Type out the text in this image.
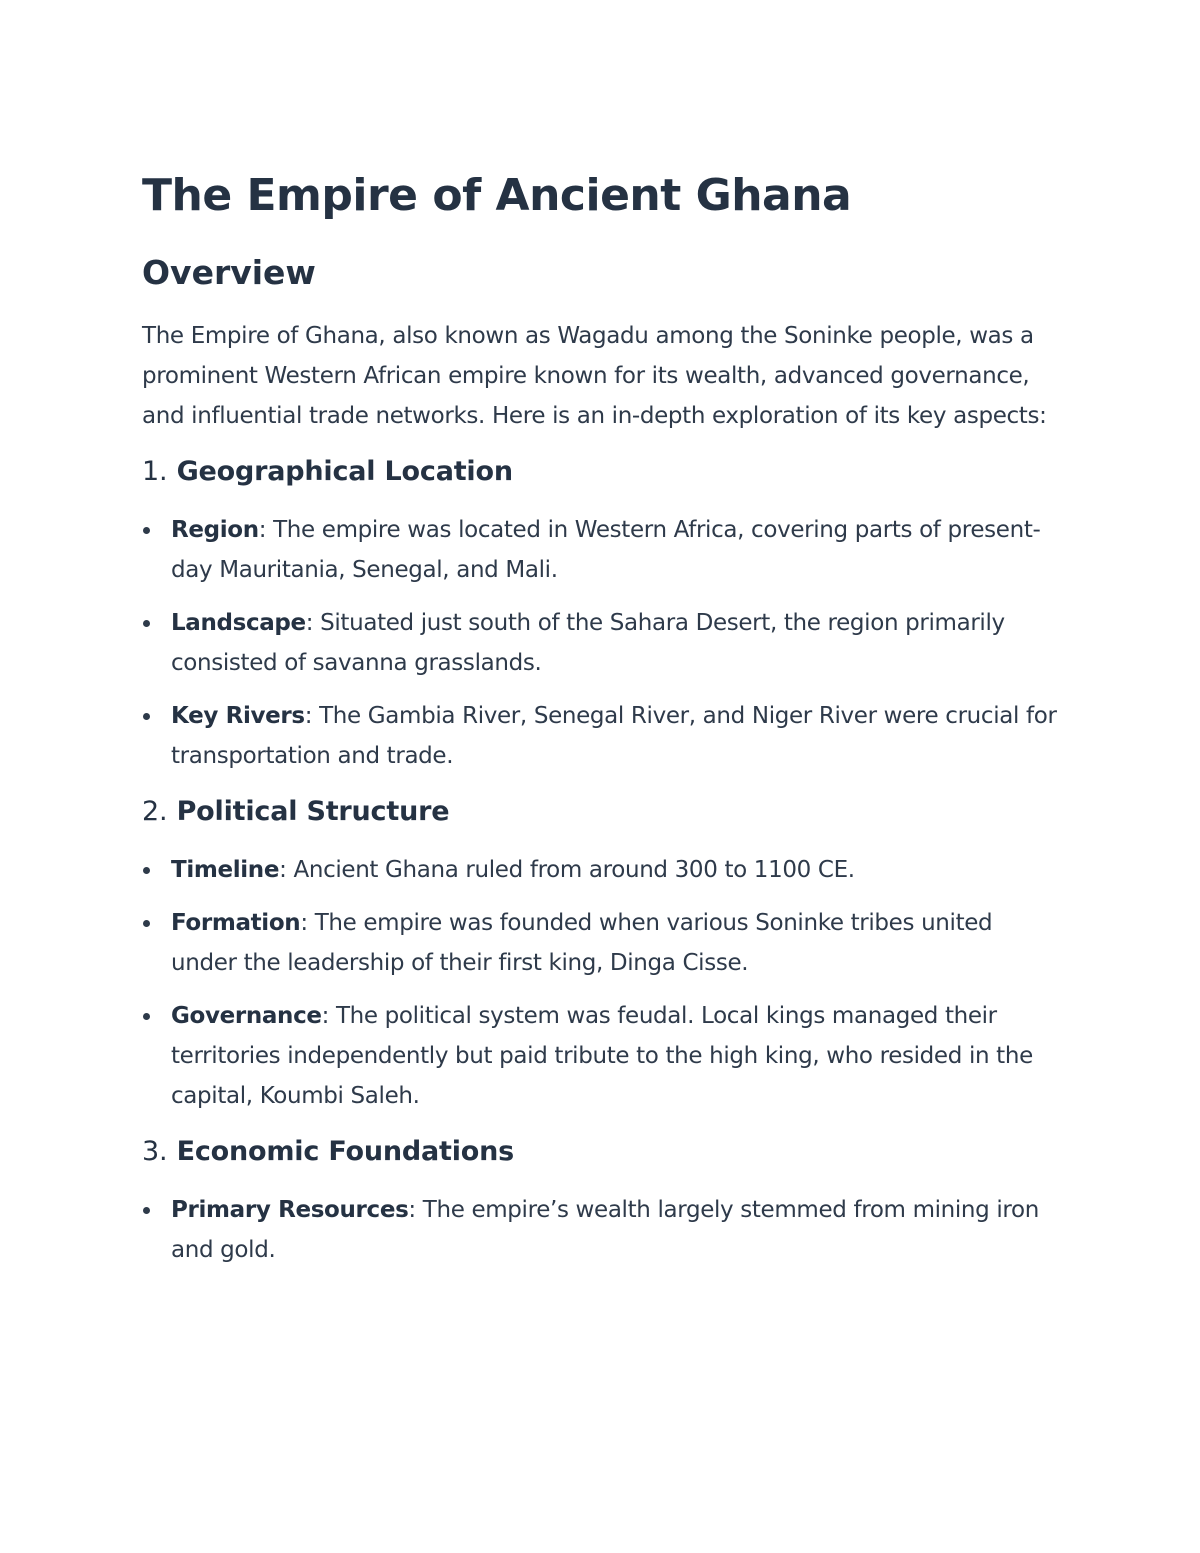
The Empire of Ancient Ghana
Overview

The Empire of Ghana, also known as Wagadu among the Soninke people, was a prominent Western African empire known for its wealth, advanced governance, and influential trade networks. Here is an in-depth exploration of its key aspects:

1. Geographical Location
Region: The empire was located in Western Africa, covering parts of present-day Mauritania, Senegal, and Mali.
Landscape: Situated just south of the Sahara Desert, the region primarily consisted of savanna grasslands.
Key Rivers: The Gambia River, Senegal River, and Niger River were crucial for transportation and trade.
2. Political Structure
Timeline: Ancient Ghana ruled from around 300 to 1100 CE.
Formation: The empire was founded when various Soninke tribes united under the leadership of their first king, Dinga Cisse.
Governance: The political system was feudal. Local kings managed their territories independently but paid tribute to the high king, who resided in the capital, Koumbi Saleh.
3. Economic Foundations
Primary Resources: The empire’s wealth largely stemmed from mining iron and gold.
